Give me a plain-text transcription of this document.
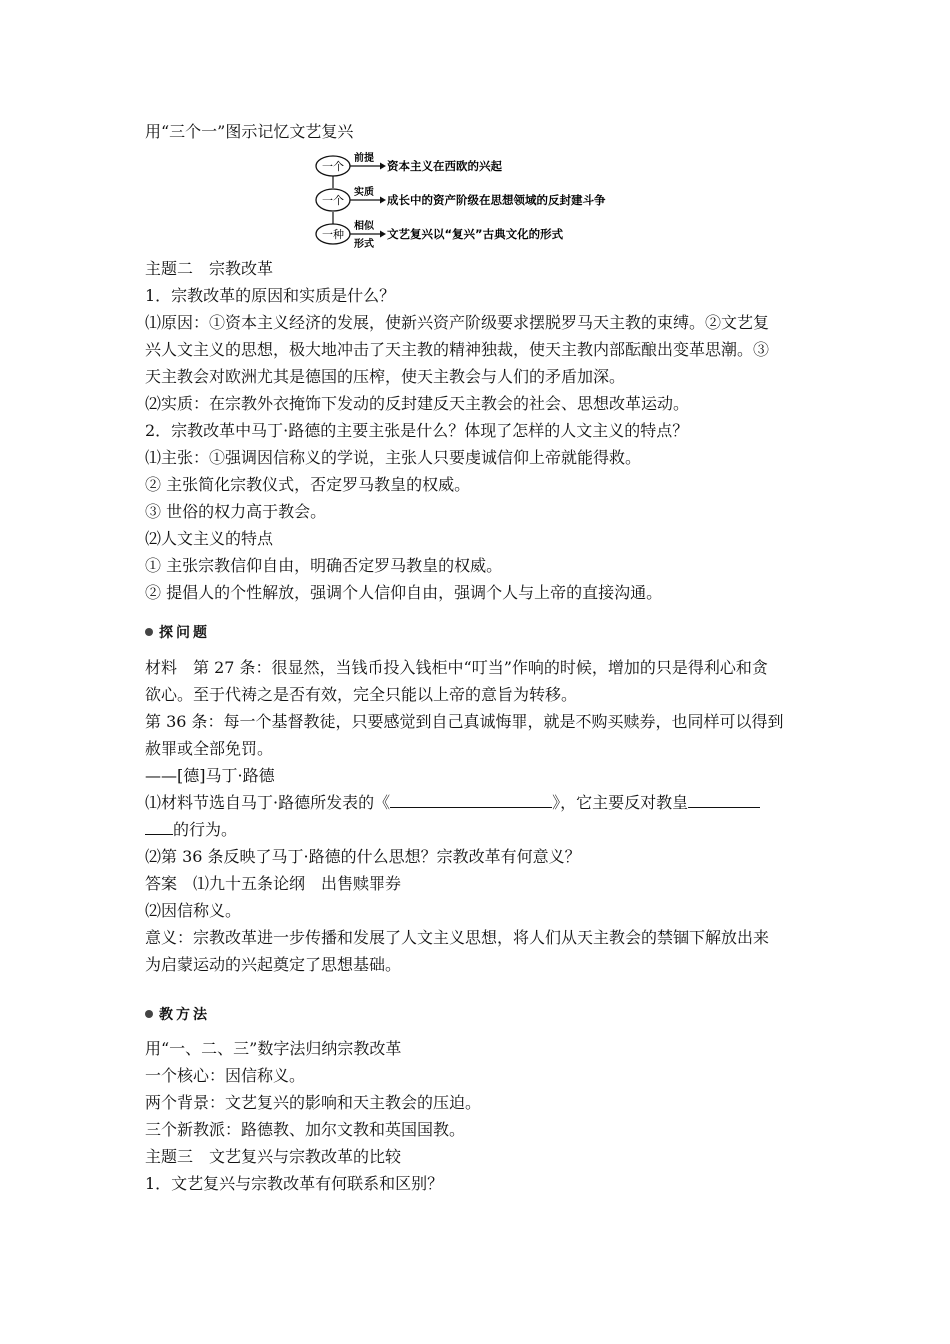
用“三个一”图示记忆文艺复兴
一个
前提
资本主义在西欧的兴起
一个
实质
成长中的资产阶级在思想领域的反封建斗争
一种
相似
形式
文艺复兴以“复兴”古典文化的形式
主题二　宗教改革
1．宗教改革的原因和实质是什么？
⑴原因：①资本主义经济的发展，使新兴资产阶级要求摆脱罗马天主教的束缚。②文艺复
兴人文主义的思想，极大地冲击了天主教的精神独裁，使天主教内部酝酿出变革思潮。③
天主教会对欧洲尤其是德国的压榨，使天主教会与人们的矛盾加深。
⑵实质：在宗教外衣掩饰下发动的反封建反天主教会的社会、思想改革运动。
2．宗教改革中马丁·路德的主要主张是什么？体现了怎样的人文主义的特点？
⑴主张：①强调因信称义的学说，主张人只要虔诚信仰上帝就能得救。
② 主张简化宗教仪式，否定罗马教皇的权威。
③ 世俗的权力高于教会。
⑵人文主义的特点
① 主张宗教信仰自由，明确否定罗马教皇的权威。
② 提倡人的个性解放，强调个人信仰自由，强调个人与上帝的直接沟通。
探问题
材料　第 27 条：很显然，当钱币投入钱柜中“叮当”作响的时候，增加的只是得利心和贪
欲心。至于代祷之是否有效，完全只能以上帝的意旨为转移。
第 36 条：每一个基督教徒，只要感觉到自己真诚悔罪，就是不购买赎券，也同样可以得到
赦罪或全部免罚。
——[德]马丁·路德
⑴材料节选自马丁·路德所发表的《	》，它主要反对教皇
的行为。
⑵第 36 条反映了马丁·路德的什么思想？宗教改革有何意义？
答案　⑴九十五条论纲　出售赎罪券
⑵因信称义。
意义：宗教改革进一步传播和发展了人文主义思想，将人们从天主教会的禁锢下解放出来
为启蒙运动的兴起奠定了思想基础。
教方法
用“一、二、三”数字法归纳宗教改革
一个核心：因信称义。
两个背景：文艺复兴的影响和天主教会的压迫。
三个新教派：路德教、加尔文教和英国国教。
主题三　文艺复兴与宗教改革的比较
1．文艺复兴与宗教改革有何联系和区别？
